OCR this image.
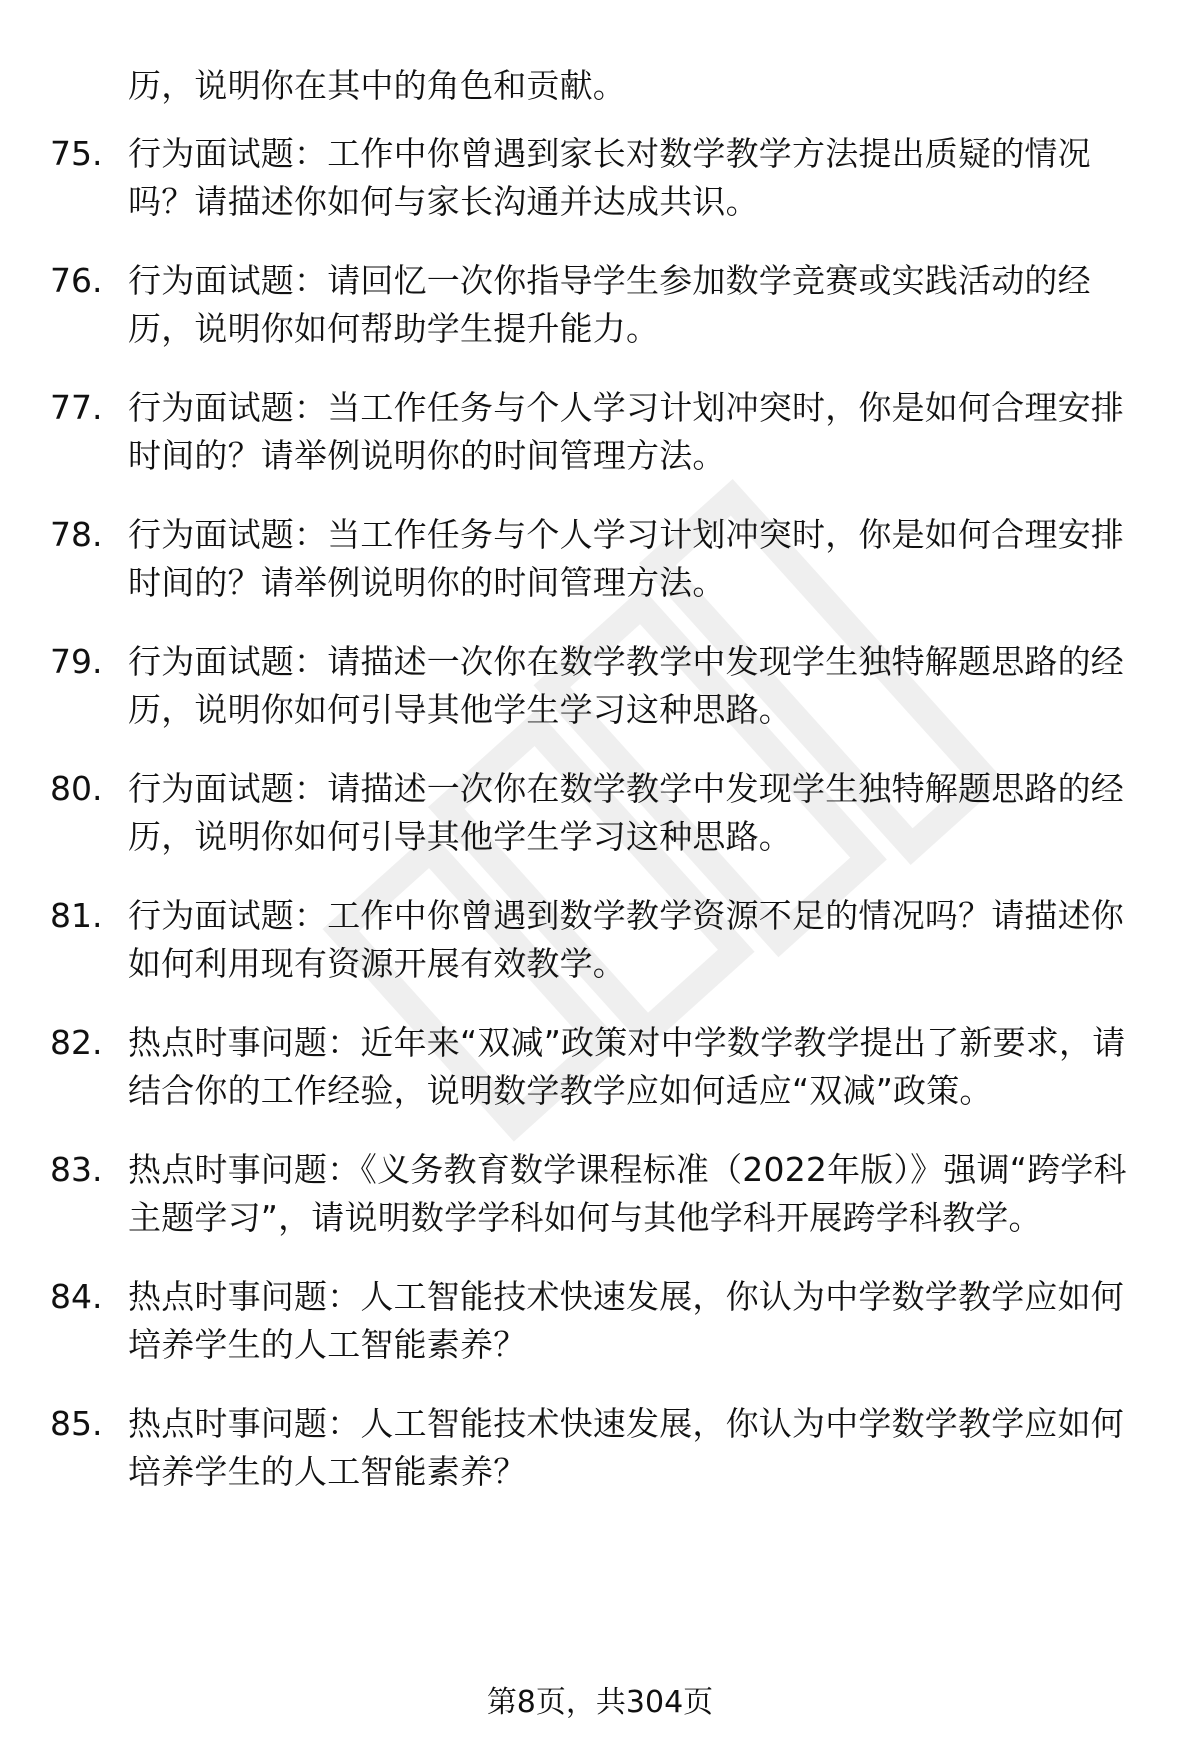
历，说明你在其中的角色和贡献。
75. 行为面试题：工作中你曾遇到家长对数学教学方法提出质疑的情况吗？请描述你如何与家长沟通并达成共识。
76. 行为面试题：请回忆一次你指导学生参加数学竞赛或实践活动的经历，说明你如何帮助学生提升能力。
77. 行为面试题：当工作任务与个人学习计划冲突时，你是如何合理安排时间的？请举例说明你的时间管理方法。
78. 行为面试题：当工作任务与个人学习计划冲突时，你是如何合理安排时间的？请举例说明你的时间管理方法。
79. 行为面试题：请描述一次你在数学教学中发现学生独特解题思路的经历，说明你如何引导其他学生学习这种思路。
80. 行为面试题：请描述一次你在数学教学中发现学生独特解题思路的经历，说明你如何引导其他学生学习这种思路。
81. 行为面试题：工作中你曾遇到数学教学资源不足的情况吗？请描述你如何利用现有资源开展有效教学。
82. 热点时事问题：近年来“双减”政策对中学数学教学提出了新要求，请结合你的工作经验，说明数学教学应如何适应“双减”政策。
83. 热点时事问题：《义务教育数学课程标准（2022年版）》强调“跨学科主题学习”，请说明数学学科如何与其他学科开展跨学科教学。
84. 热点时事问题：人工智能技术快速发展，你认为中学数学教学应如何培养学生的人工智能素养？
85. 热点时事问题：人工智能技术快速发展，你认为中学数学教学应如何培养学生的人工智能素养？
第8页，共304页
